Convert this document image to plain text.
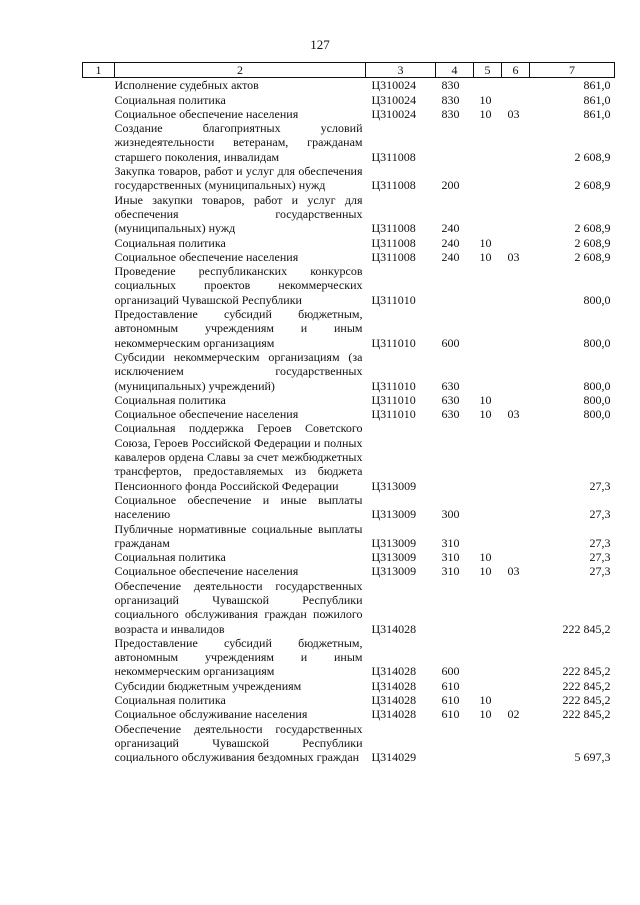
127
1	2	3	4	5	6	7
	Исполнение судебных актов	Ц310024	830			861,0
	Социальная политика	Ц310024	830	10		861,0
	Социальное обеспечение населения	Ц310024	830	10	03	861,0
	Создание благоприятных условий жизнедеятельности ветеранам, гражданам старшего поколения, инвалидам	Ц311008				2 608,9
	Закупка товаров, работ и услуг для обеспечения государственных (муниципальных) нужд	Ц311008	200			2 608,9
	Иные закупки товаров, работ и услуг для обеспечения государственных (муниципальных) нужд	Ц311008	240			2 608,9
	Социальная политика	Ц311008	240	10		2 608,9
	Социальное обеспечение населения	Ц311008	240	10	03	2 608,9
	Проведение республиканских конкурсов социальных проектов некоммерческих организаций Чувашской Республики	Ц311010				800,0
	Предоставление субсидий бюджетным, автономным учреждениям и иным некоммерческим организациям	Ц311010	600			800,0
	Субсидии некоммерческим организациям (за исключением государственных (муниципальных) учреждений)	Ц311010	630			800,0
	Социальная политика	Ц311010	630	10		800,0
	Социальное обеспечение населения	Ц311010	630	10	03	800,0
	Социальная поддержка Героев Советского Союза, Героев Российской Федерации и полных кавалеров ордена Славы за счет межбюджетных трансфертов, предоставляемых из бюджета Пенсионного фонда Российской Федерации	Ц313009				27,3
	Социальное обеспечение и иные выплаты населению	Ц313009	300			27,3
	Публичные нормативные социальные выплаты гражданам	Ц313009	310			27,3
	Социальная политика	Ц313009	310	10		27,3
	Социальное обеспечение населения	Ц313009	310	10	03	27,3
	Обеспечение деятельности государственных организаций Чувашской Республики социального обслуживания граждан пожилого возраста и инвалидов	Ц314028				222 845,2
	Предоставление субсидий бюджетным, автономным учреждениям и иным некоммерческим организациям	Ц314028	600			222 845,2
	Субсидии бюджетным учреждениям	Ц314028	610			222 845,2
	Социальная политика	Ц314028	610	10		222 845,2
	Социальное обслуживание населения	Ц314028	610	10	02	222 845,2
	Обеспечение деятельности государственных организаций Чувашской Республики социального обслуживания бездомных граждан	Ц314029				5 697,3
